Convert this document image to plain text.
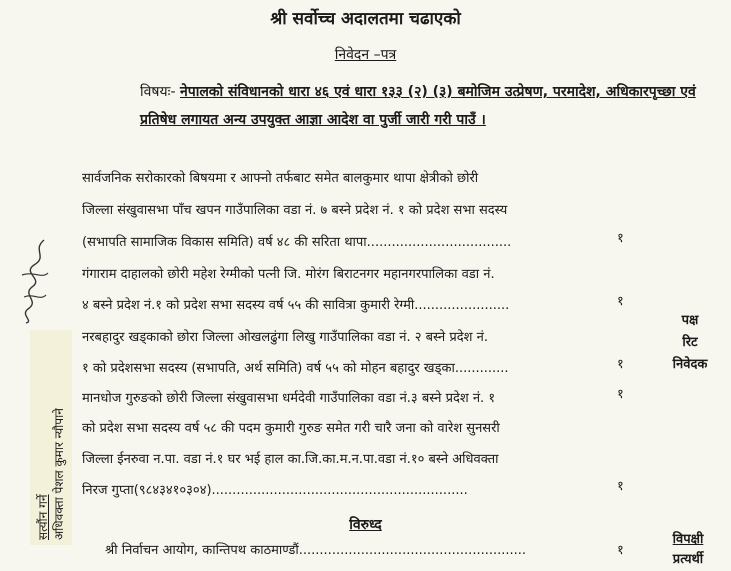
श्री सर्वोच्च अदालतमा चढाएको
निवेदन –पत्र
विषयः- नेपालको संविधानको धारा ४६ एवं धारा १३३ (२) (३) बमोजिम उत्प्रेषण, परमादेश, अधिकारपृच्छा एवं प्रतिषेध लगायत अन्य उपयुक्त आज्ञा आदेश वा पुर्जी जारी गरी पाउँ ।
सार्वजनिक सरोकारको बिषयमा र आफ्नो तर्फबाट समेत बालकुमार थापा क्षेत्रीको छोरी
जिल्ला संखुवासभा पाँच खपन गाउँपालिका वडा नं. ७ बस्ने प्रदेश नं. १ को प्रदेश सभा सदस्य
(सभापति सामाजिक विकास समिति) वर्ष ४८ की सरिता थापा...................................	१
गंगाराम दाहालको छोरी महेश रेग्मीको पत्नी जि. मोरंग बिराटनगर महानगरपालिका वडा नं.
४ बस्ने प्रदेश नं.१ को प्रदेश सभा सदस्य वर्ष ५५ की सावित्रा कुमारी रेग्मी.......................	१
नरबहादुर खड्काको छोरा जिल्ला ओखलढुंगा लिखु गाउँपालिका वडा नं. २ बस्ने प्रदेश नं.
१ को प्रदेशसभा सदस्य (सभापति, अर्थ समिति) वर्ष ५५ को मोहन बहादुर खड्का.............	१
मानधोज गुरुङको छोरी जिल्ला संखुवासभा धर्मदेवी गाउँपालिका वडा नं.३ बस्ने प्रदेश नं. १	१
को प्रदेश सभा सदस्य वर्ष ५८ की पदम कुमारी गुरुङ समेत गरी चारै जना को वारेश सुनसरी
जिल्ला ईनरुवा न.पा. वडा नं.१ घर भई हाल का.जि.का.म.न.पा.वडा नं.१० बस्ने अधिवक्ता
निरज गुप्ता(९८४३४१०३०४)..............................................................	१
पक्ष
रिट
निवेदक
विरुध्द
श्री निर्वाचन आयोग, कान्तिपथ काठमाण्डौं.......................................................	१
विपक्षी
प्रत्यर्थी
सत्यौंन गर्ने अधिवक्ता पेशल कुमार न्यौपाने
